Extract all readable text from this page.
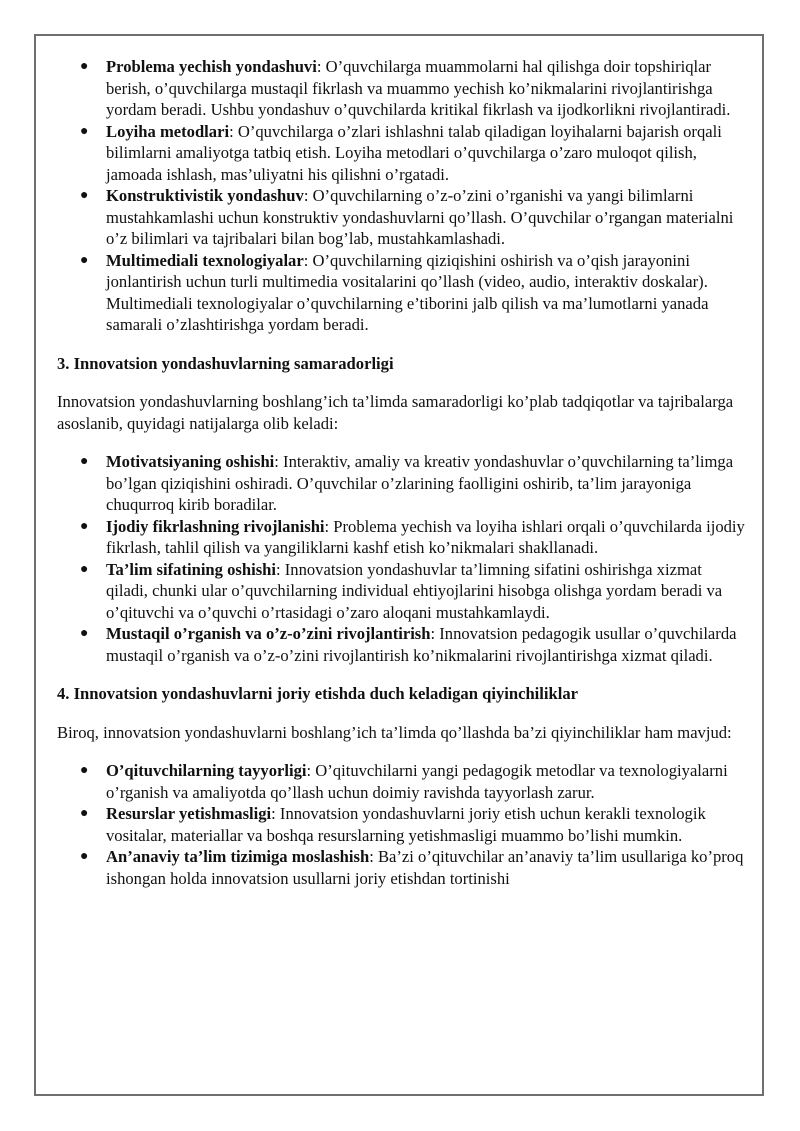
● Problema yechish yondashuvi: O’quvchilarga muammolarni hal qilishga doir topshiriqlar berish, o’quvchilarga mustaqil fikrlash va muammo yechish ko’nikmalarini rivojlantirishga yordam beradi. Ushbu yondashuv o’quvchilarda kritikal fikrlash va ijodkorlikni rivojlantiradi.
● Loyiha metodlari: O’quvchilarga o’zlari ishlashni talab qiladigan loyihalarni bajarish orqali bilimlarni amaliyotga tatbiq etish. Loyiha metodlari o’quvchilarga o’zaro muloqot qilish, jamoada ishlash, mas’uliyatni his qilishni o’rgatadi.
● Konstruktivistik yondashuv: O’quvchilarning o’z-o’zini o’rganishi va yangi bilimlarni mustahkamlashi uchun konstruktiv yondashuvlarni qo’llash. O’quvchilar o’rgangan materialni o’z bilimlari va tajribalari bilan bog’lab, mustahkamlashadi.
● Multimediali texnologiyalar: O’quvchilarning qiziqishini oshirish va o’qish jarayonini jonlantirish uchun turli multimedia vositalarini qo’llash (video, audio, interaktiv doskalar). Multimediali texnologiyalar o’quvchilarning e’tiborini jalb qilish va ma’lumotlarni yanada samarali o’zlashtirishga yordam beradi.
3. Innovatsion yondashuvlarning samaradorligi

Innovatsion yondashuvlarning boshlang’ich ta’limda samaradorligi ko’plab tadqiqotlar va tajribalarga asoslanib, quyidagi natijalarga olib keladi:

● Motivatsiyaning oshishi: Interaktiv, amaliy va kreativ yondashuvlar o’quvchilarning ta’limga bo’lgan qiziqishini oshiradi. O’quvchilar o’zlarining faolligini oshirib, ta’lim jarayoniga chuqurroq kirib boradilar.
● Ijodiy fikrlashning rivojlanishi: Problema yechish va loyiha ishlari orqali o’quvchilarda ijodiy fikrlash, tahlil qilish va yangiliklarni kashf etish ko’nikmalari shakllanadi.
● Ta’lim sifatining oshishi: Innovatsion yondashuvlar ta’limning sifatini oshirishga xizmat qiladi, chunki ular o’quvchilarning individual ehtiyojlarini hisobga olishga yordam beradi va o’qituvchi va o’quvchi o’rtasidagi o’zaro aloqani mustahkamlaydi.
● Mustaqil o’rganish va o’z-o’zini rivojlantirish: Innovatsion pedagogik usullar o’quvchilarda mustaqil o’rganish va o’z-o’zini rivojlantirish ko’nikmalarini rivojlantirishga xizmat qiladi.
4. Innovatsion yondashuvlarni joriy etishda duch keladigan qiyinchiliklar

Biroq, innovatsion yondashuvlarni boshlang’ich ta’limda qo’llashda ba’zi qiyinchiliklar ham mavjud:

● O’qituvchilarning tayyorligi: O’qituvchilarni yangi pedagogik metodlar va texnologiyalarni o’rganish va amaliyotda qo’llash uchun doimiy ravishda tayyorlash zarur.
● Resurslar yetishmasligi: Innovatsion yondashuvlarni joriy etish uchun kerakli texnologik vositalar, materiallar va boshqa resurslarning yetishmasligi muammo bo’lishi mumkin.
● An’anaviy ta’lim tizimiga moslashish: Ba’zi o’qituvchilar an’anaviy ta’lim usullariga ko’proq ishongan holda innovatsion usullarni joriy etishdan tortinishi
